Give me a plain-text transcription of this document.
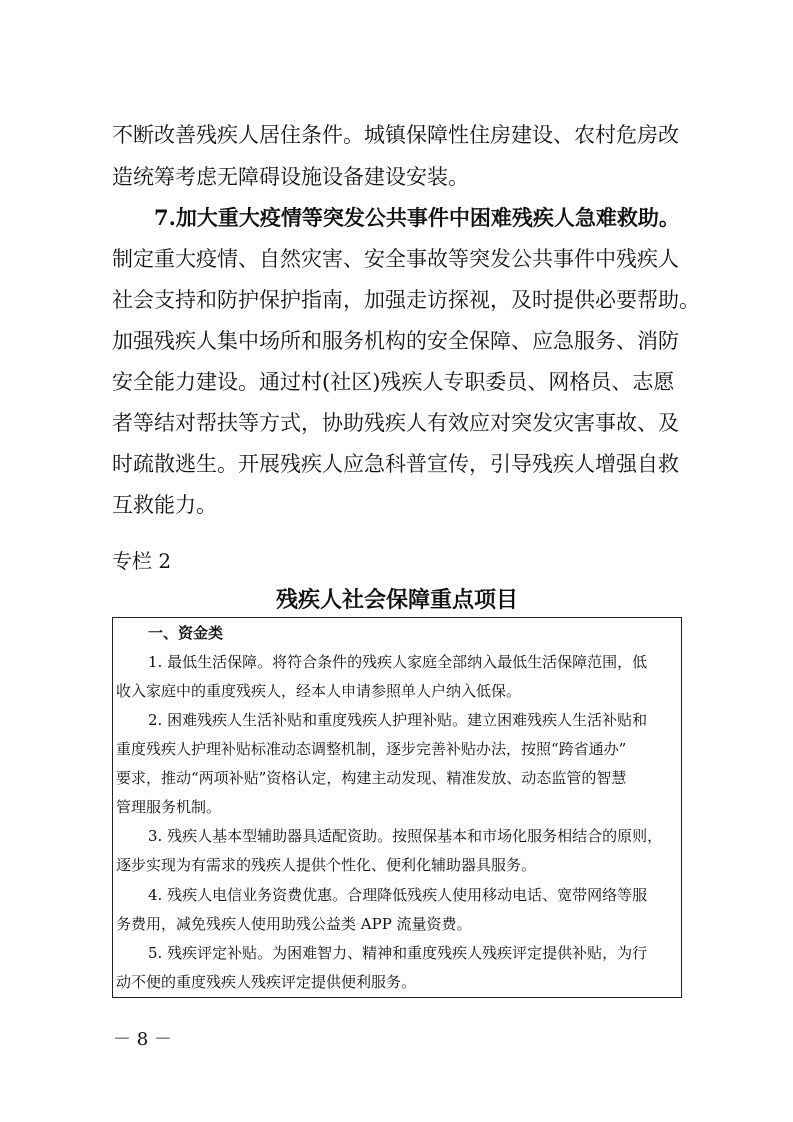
不断改善残疾人居住条件。城镇保障性住房建设、农村危房改
造统筹考虑无障碍设施设备建设安装。
7.加大重大疫情等突发公共事件中困难残疾人急难救助。
制定重大疫情、自然灾害、安全事故等突发公共事件中残疾人
社会支持和防护保护指南，加强走访探视，及时提供必要帮助。
加强残疾人集中场所和服务机构的安全保障、应急服务、消防
安全能力建设。通过村(社区)残疾人专职委员、网格员、志愿
者等结对帮扶等方式，协助残疾人有效应对突发灾害事故、及
时疏散逃生。开展残疾人应急科普宣传，引导残疾人增强自救
互救能力。
专栏 2
残疾人社会保障重点项目
一、资金类
1. 最低生活保障。将符合条件的残疾人家庭全部纳入最低生活保障范围，低
收入家庭中的重度残疾人，经本人申请参照单人户纳入低保。
2. 困难残疾人生活补贴和重度残疾人护理补贴。建立困难残疾人生活补贴和
重度残疾人护理补贴标准动态调整机制，逐步完善补贴办法，按照“跨省通办”
要求，推动“两项补贴”资格认定，构建主动发现、精准发放、动态监管的智慧
管理服务机制。
3. 残疾人基本型辅助器具适配资助。按照保基本和市场化服务相结合的原则，
逐步实现为有需求的残疾人提供个性化、便利化辅助器具服务。
4. 残疾人电信业务资费优惠。合理降低残疾人使用移动电话、宽带网络等服
务费用，减免残疾人使用助残公益类 APP 流量资费。
5. 残疾评定补贴。为困难智力、精神和重度残疾人残疾评定提供补贴，为行
动不便的重度残疾人残疾评定提供便利服务。
－ 8 －
